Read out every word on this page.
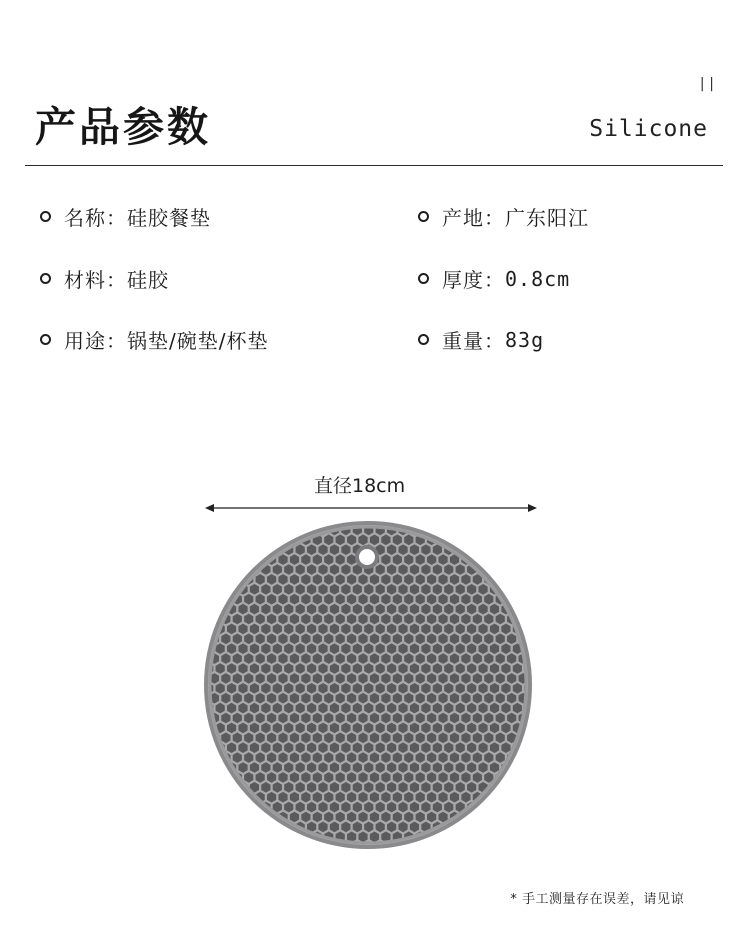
||
产品参数	Silicone
名称： 硅胶餐垫
材料： 硅胶
用途： 锅垫/碗垫/杯垫
产地： 广东阳江
厚度： 0.8cm
重量： 83g
直径18cm
* 手工测量存在误差，请见谅
